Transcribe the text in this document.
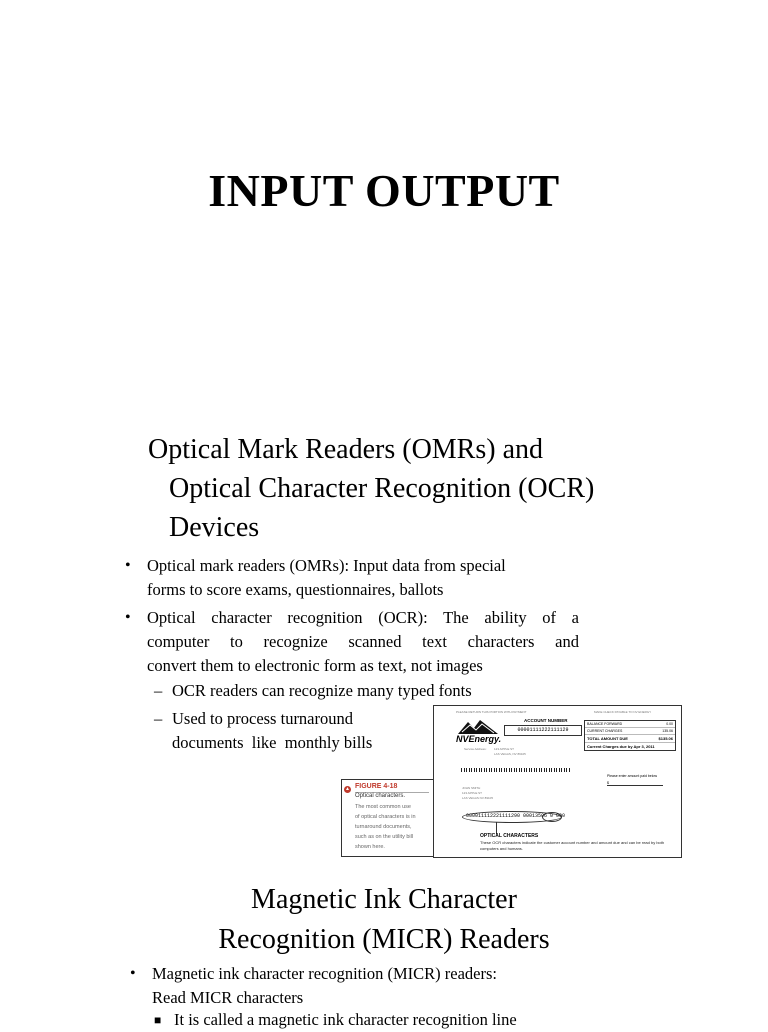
INPUT OUTPUT
Optical Mark Readers (OMRs) and
Optical Character Recognition (OCR)
Devices
• Optical mark readers (OMRs): Input data from special
forms to score exams, questionnaires, ballots
• Optical character recognition (OCR): The ability of a
computer to recognize scanned text characters and
convert them to electronic form as text, not images
– OCR readers can recognize many typed fonts
– Used to process turnaround
documents  like  monthly bills
▲ FIGURE 4-18
Optical characters.
The most common use
of optical characters is in
turnaround documents,
such as on the utility bill
shown here.
PLEASE RETURN THIS PORTION WITH PAYMENT	MAKE CHECK PAYABLE TO NV ENERGY
NVEnergy.
ACCOUNT NUMBER
00001111222111129
BALANCE FORWARD	0.00
CURRENT CHARGES	135.06
TOTAL AMOUNT DUE	$135.06
Current Charges due by Apr 3, 2011
Service Address: 123 APPLE ST
LAS VEGAS, NV 89105
Please enter amount paid below
$
JOHN SMITH
123 APPLE ST
LAS VEGAS NV 89105
000011112221111290 00013506 0 000
OPTICAL CHARACTERS
These OCR characters indicate the customer account number and amount due and can be read by both computers and humans.
Magnetic Ink Character
Recognition (MICR) Readers
• Magnetic ink character recognition (MICR) readers:
Read MICR characters
■ It is called a magnetic ink character recognition line
